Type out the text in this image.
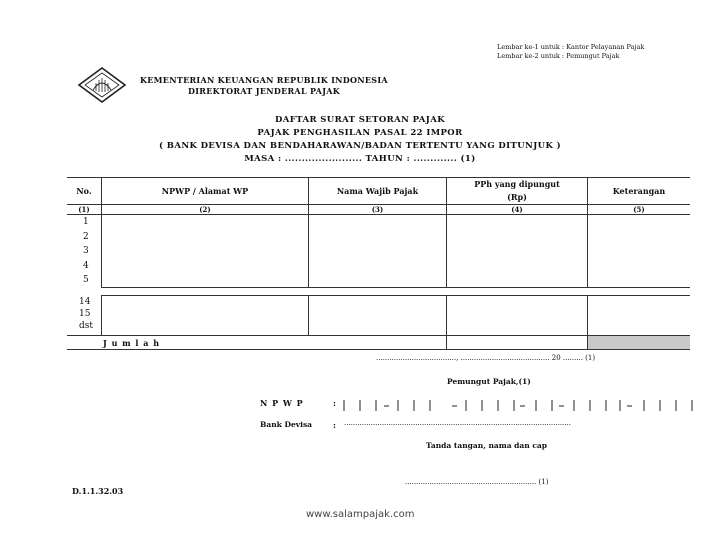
Lembar ke-1 untuk : Kantor Pelayanan Pajak
Lembar ke-2 untuk : Pemungut Pajak
KEMENTERIAN KEUANGAN REPUBLIK INDONESIA
DIREKTORAT JENDERAL PAJAK
DAFTAR SURAT SETORAN PAJAK
PAJAK PENGHASILAN PASAL 22 IMPOR
( BANK DEVISA DAN BENDAHARAWAN/BADAN TERTENTU YANG DITUNJUK )
MASA : ....................... TAHUN : ............. (1)
No.	NPWP / Alamat WP	Nama Wajib Pajak	PPh yang dipungut (Rp)	Keterangan
(1)	(2)	(3)	(4)	(5)

1
2
3
4
5				

14
15
dst				

J u m l a h				
...................................., ........................................ 20 ......... (1)
Pemungut Pajak,(1)
N P W P	:
Bank Devisa	: ......................................................................................................
Tanda tangan, nama dan cap
........................................................... (1)
D.1.1.32.03
www.salampajak.com
